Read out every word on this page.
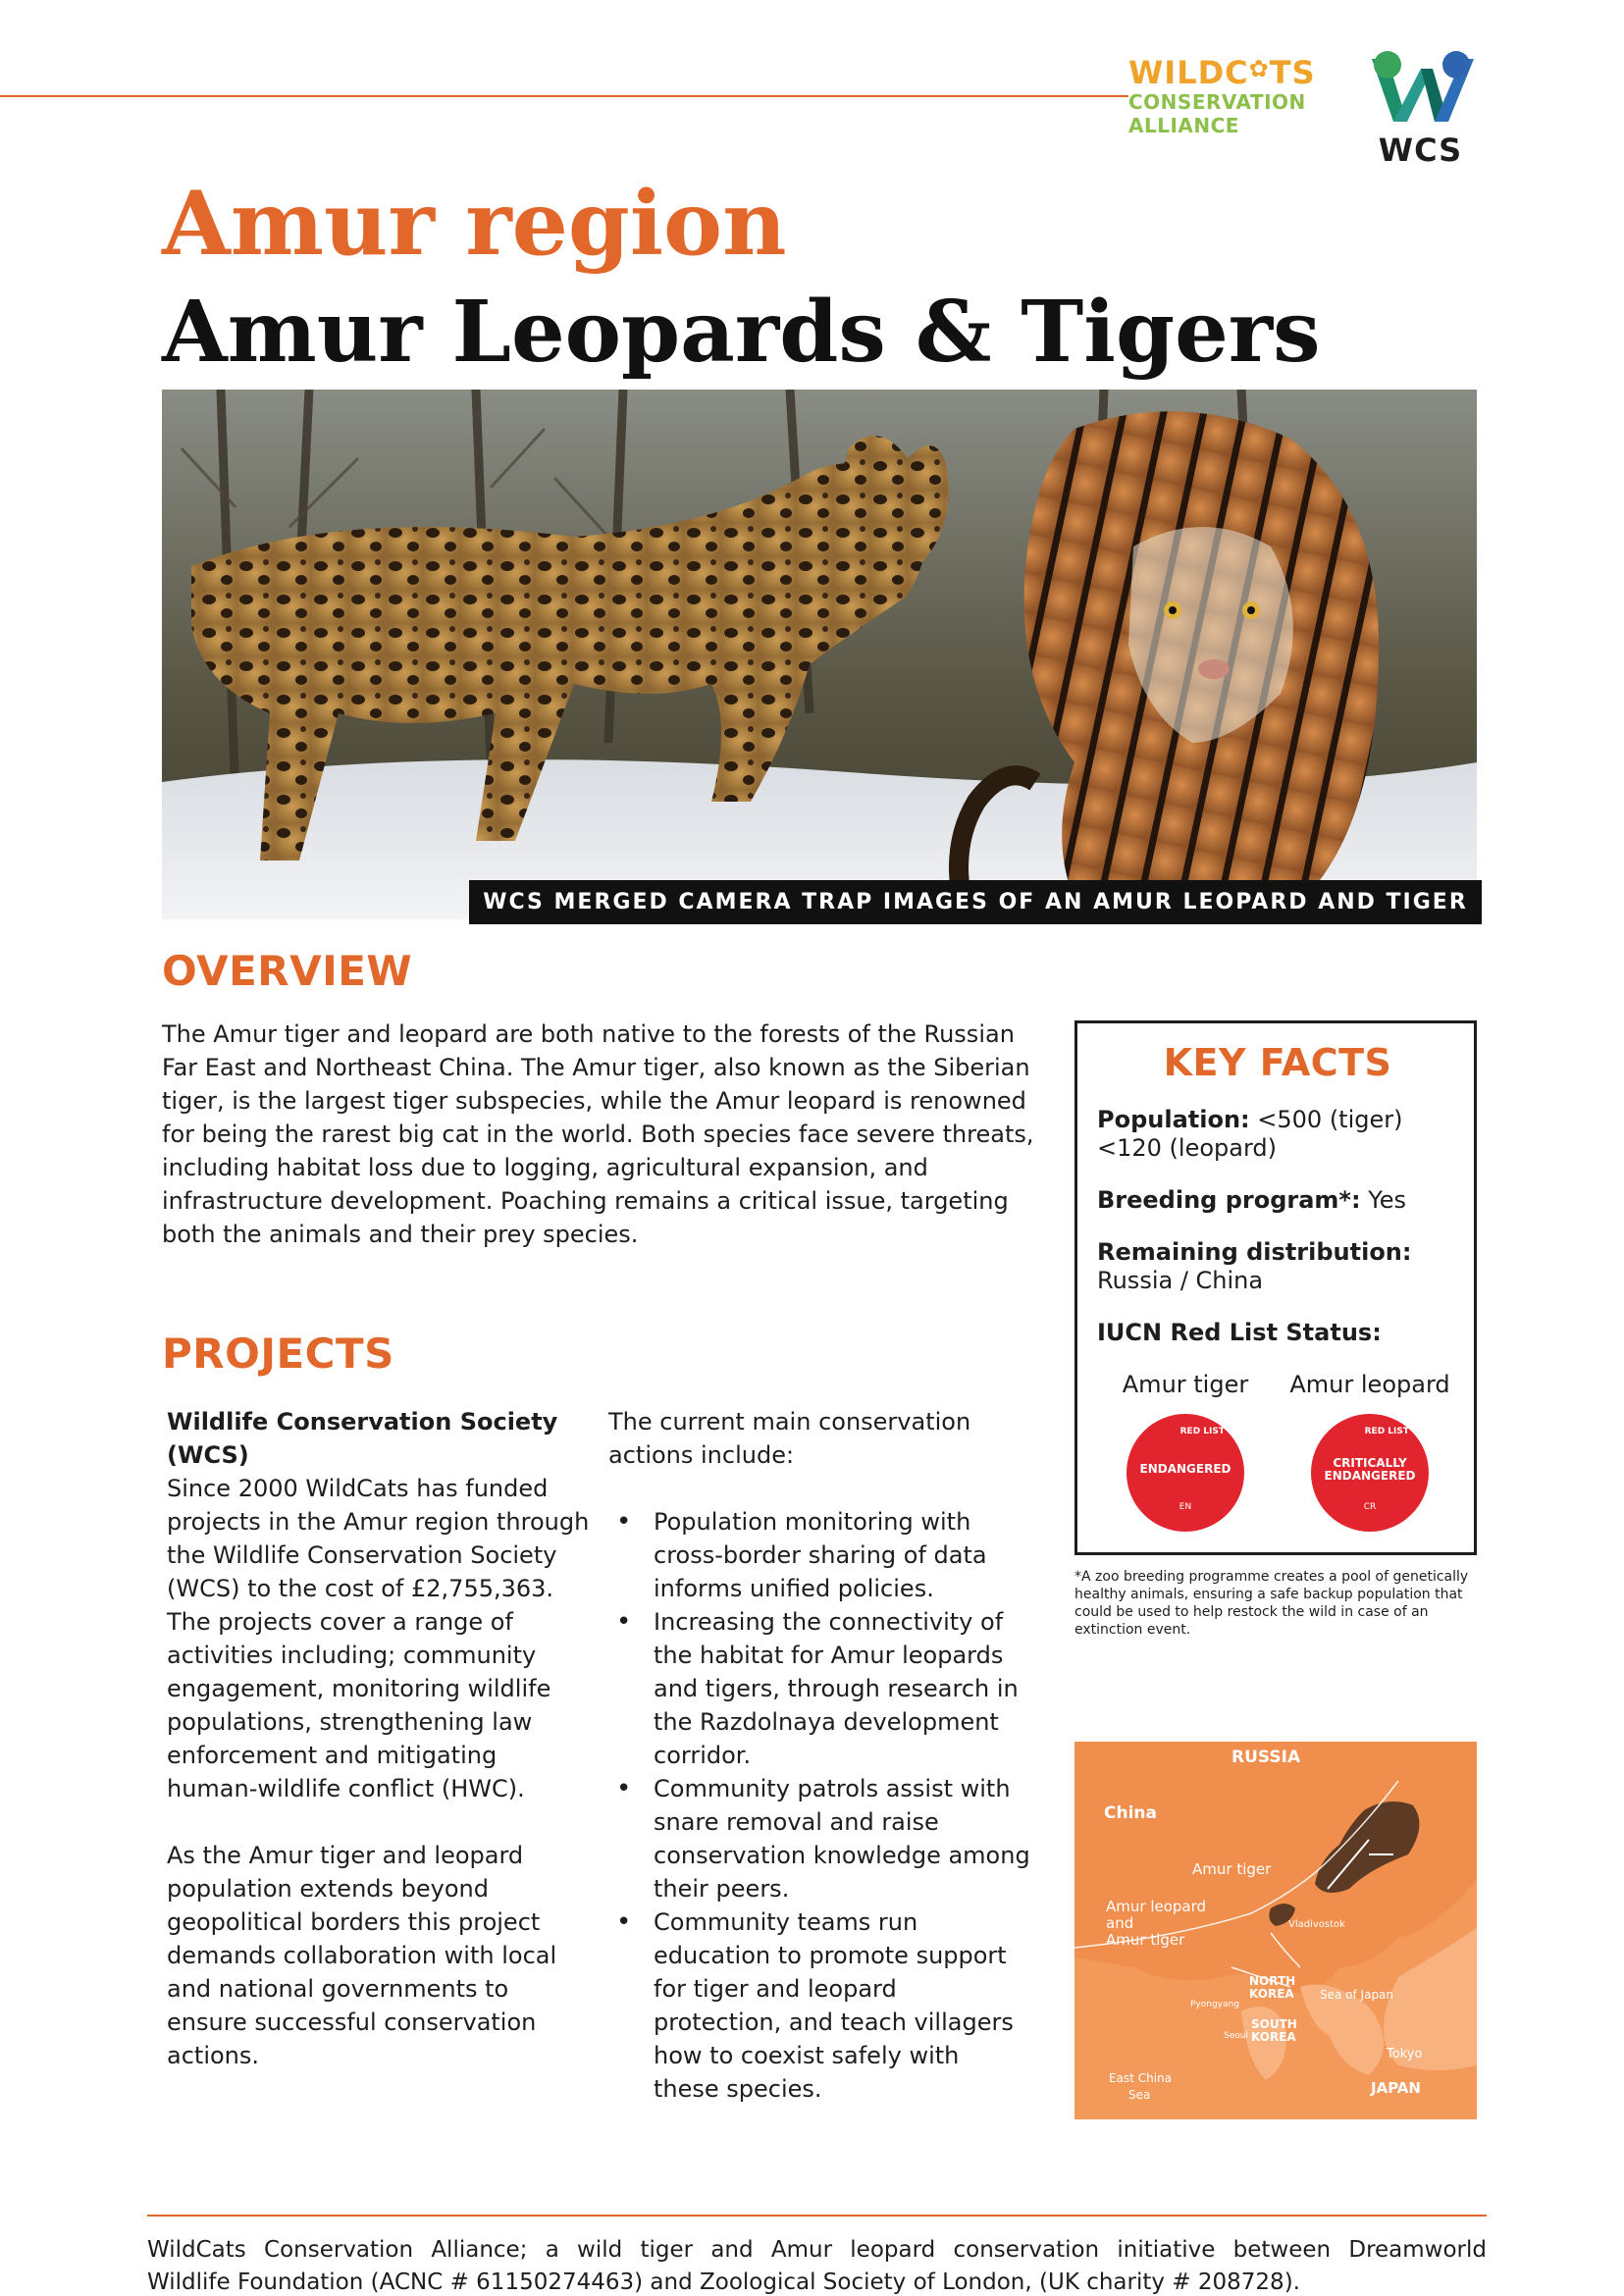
WILDC✿TS
CONSERVATION
ALLIANCE
WCS
Amur region
Amur Leopards & Tigers
WCS MERGED CAMERA TRAP IMAGES OF AN AMUR LEOPARD AND TIGER
OVERVIEW

The Amur tiger and leopard are both native to the forests of the Russian Far East and Northeast China. The Amur tiger, also known as the Siberian tiger, is the largest tiger subspecies, while the Amur leopard is renowned for being the rarest big cat in the world. Both species face severe threats, including habitat loss due to logging, agricultural expansion, and infrastructure development. Poaching remains a critical issue, targeting both the animals and their prey species.

PROJECTS

Wildlife Conservation Society (WCS)

Since 2000 WildCats has funded projects in the Amur region through the Wildlife Conservation Society (WCS) to the cost of £2,755,363. The projects cover a range of activities including; community engagement, monitoring wildlife populations, strengthening law enforcement and mitigating human-wildlife conflict (HWC).

As the Amur tiger and leopard population extends beyond geopolitical borders this project demands collaboration with local and national governments to ensure successful conservation actions.

The current main conservation actions include:

• Population monitoring with cross-border sharing of data informs unified policies.
• Increasing the connectivity of the habitat for Amur leopards and tigers, through research in the Razdolnaya development corridor.
• Community patrols assist with snare removal and raise conservation knowledge among their peers.
• Community teams run education to promote support for tiger and leopard protection, and teach villagers how to coexist safely with these species.
KEY FACTS
Population: <500 (tiger) <120 (leopard)
Breeding program*: Yes
Remaining distribution:
Russia / China
IUCN Red List Status:
Amur tiger
RED LIST
ENDANGERED
EN
Amur leopard
RED LIST
CRITICALLY ENDANGERED
CR

*A zoo breeding programme creates a pool of genetically healthy animals, ensuring a safe backup population that could be used to help restock the wild in case of an extinction event.

RUSSIA
China
Amur tiger
Amur leopard
and
Amur tiger
Vladivostok
NORTH
KOREA
SOUTH
KOREA
Sea of Japan
Tokyo
JAPAN
East China
Sea
Pyongyang
Seoul
WildCats Conservation Alliance; a wild tiger and Amur leopard conservation initiative between Dreamworld
Wildlife Foundation (ACNC # 61150274463) and Zoological Society of London, (UK charity # 208728).
